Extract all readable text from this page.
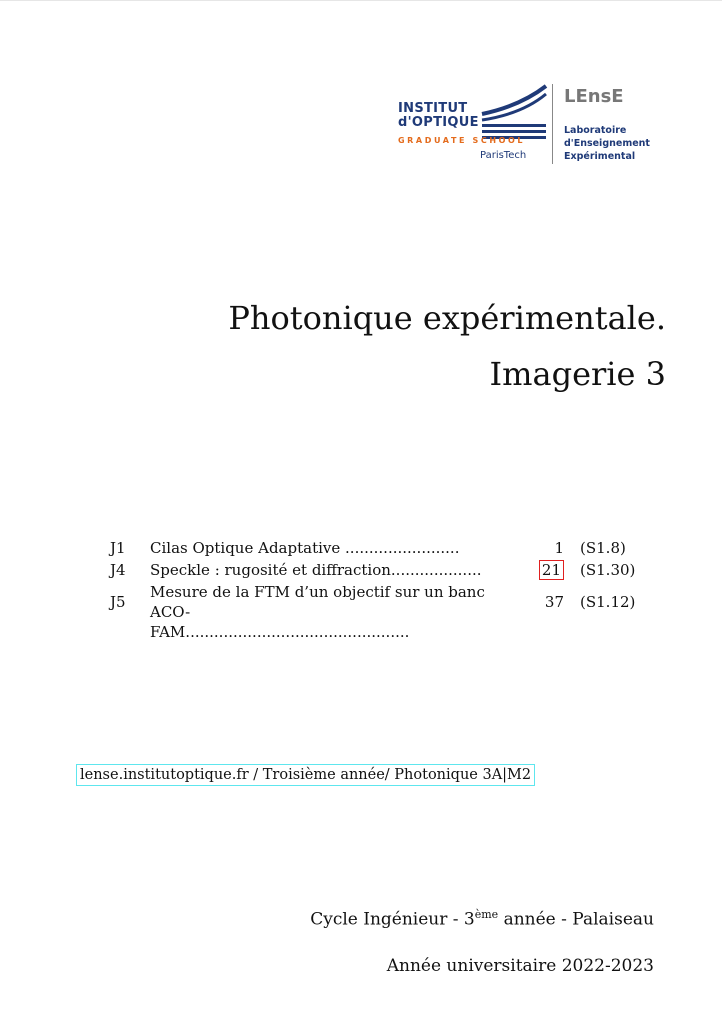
INSTITUT
d'OPTIQUE
GRADUATE SCHOOL
ParisTech
LEnsE
Laboratoire
d'Enseignement
Expérimental
Photonique expérimentale.
Imagerie 3
J1 Cilas Optique Adaptative ........................	1 (S1.8)
J4 Speckle : rugosité et diffraction...................	21 (S1.30)
J5
Mesure de la FTM d’un objectif sur un banc ACO-
FAM...............................................
37 (S1.12)
lense.institutoptique.fr / Troisième année/ Photonique 3A|M2
Cycle Ingénieur - 3ème année - Palaiseau
Année universitaire 2022-2023
